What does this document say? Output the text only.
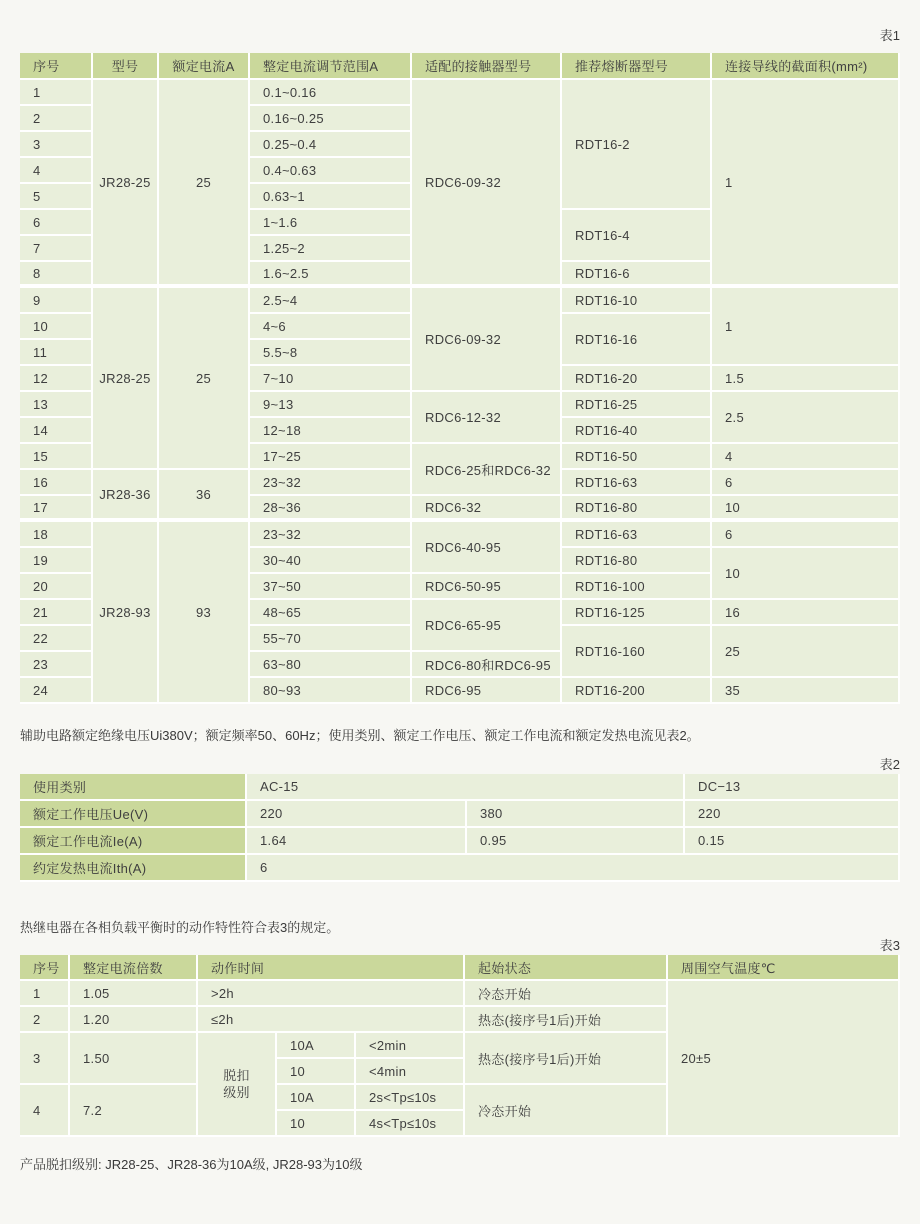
表1
序号	型号	额定电流A	整定电流调节范围A	适配的接触器型号	推荐熔断器型号	连接导线的截面积(mm²)
1	JR28-25	25	0.1~0.16	RDC6-09-32	RDT16-2	1
2			0.16~0.25			
3			0.25~0.4			
4			0.4~0.63			
5			0.63~1			
6			1~1.6		RDT16-4	
7			1.25~2			
8			1.6~2.5		RDT16-6	
9	JR28-25	25	2.5~4	RDC6-09-32	RDT16-10	1
10			4~6		RDT16-16	
11			5.5~8			
12			7~10		RDT16-20	1.5
13			9~13	RDC6-12-32	RDT16-25	2.5
14			12~18		RDT16-40	
15			17~25	RDC6-25和RDC6-32	RDT16-50	4
16	JR28-36	36	23~32		RDT16-63	6
17			28~36	RDC6-32	RDT16-80	10
18	JR28-93	93	23~32	RDC6-40-95	RDT16-63	6
19			30~40		RDT16-80	10
20			37~50	RDC6-50-95	RDT16-100	
21			48~65	RDC6-65-95	RDT16-125	16
22			55~70		RDT16-160	25
23			63~80	RDC6-80和RDC6-95		
24			80~93	RDC6-95	RDT16-200	35

辅助电路额定绝缘电压Ui380V；额定频率50、60Hz；使用类别、额定工作电压、额定工作电流和额定发热电流见表2。

表2
使用类别	AC-15		DC−13
额定工作电压Ue(V)	220	380	220
额定工作电流Ie(A)	1.64	0.95	0.15
约定发热电流Ith(A)	6		

热继电器在各相负载平衡时的动作特性符合表3的规定。

表3
序号	整定电流倍数	动作时间			起始状态	周围空气温度℃
1	1.05	>2h			冷态开始	20±5
2	1.20	≤2h			热态(接序号1后)开始	
3	1.50	脱扣级别	10A	<2min	热态(接序号1后)开始	
			10	<4min		
4	7.2		10A	2s<Tp≤10s	冷态开始	
			10	4s<Tp≤10s		

产品脱扣级别: JR28-25、JR28-36为10A级, JR28-93为10级
